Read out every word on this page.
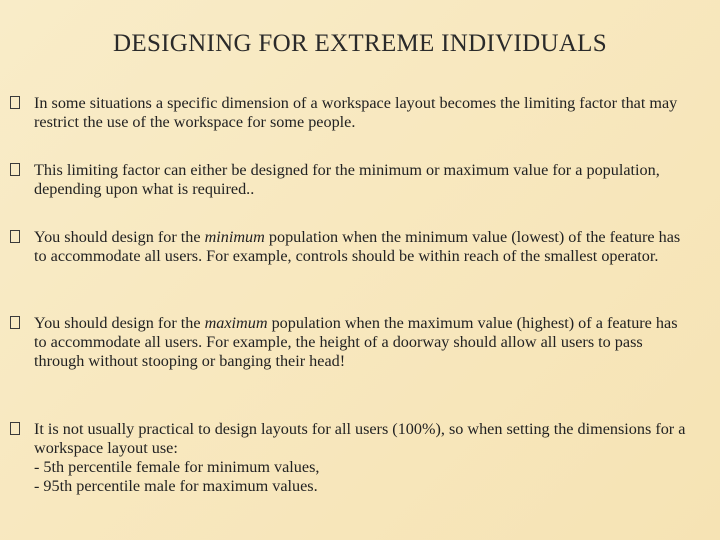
DESIGNING FOR EXTREME INDIVIDUALS
In some situations a specific dimension of a workspace layout becomes the limiting factor that may restrict the use of the workspace for some people.
This limiting factor can either be designed for the minimum or maximum value for a population, depending upon what is required..
You should design for the minimum population when the minimum value (lowest) of the feature has to accommodate all users. For example, controls should be within reach of the smallest operator.
You should design for the maximum population when the maximum value (highest) of a feature has to accommodate all users. For example, the height of a doorway should allow all users to pass through without stooping or banging their head!
It is not usually practical to design layouts for all users (100%), so when setting the dimensions for a workspace layout use:
- 5th percentile female for minimum values,
- 95th percentile male for maximum values.
